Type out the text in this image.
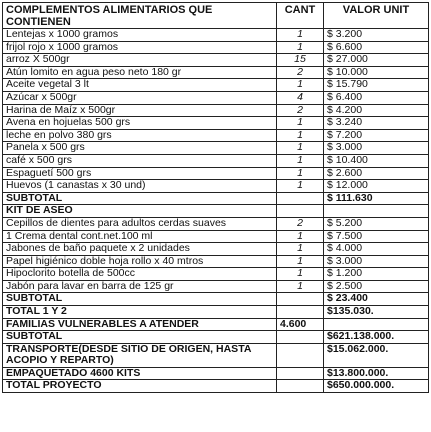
COMPLEMENTOS ALIMENTARIOS QUE CONTIENEN	CANT	VALOR UNIT
Lentejas x 1000 gramos	1	$ 3.200
frijol rojo x 1000 gramos	1	$ 6.600
arroz X 500gr	15	$ 27.000
Atún lomito en agua peso neto 180 gr	2	$ 10.000
Aceite vegetal 3 lt	1	$ 15.790
Azúcar x 500gr	4	$ 6.400
Harina de Maíz x 500gr	2	$ 4.200
Avena en hojuelas 500 grs	1	$ 3.240
leche en polvo 380 grs	1	$ 7.200
Panela x 500 grs	1	$ 3.000
café x 500 grs	1	$ 10.400
Espaguetí 500 grs	1	$ 2.600
Huevos (1 canastas x 30 und)	1	$ 12.000
SUBTOTAL		$ 111.630
KIT DE ASEO		
Cepillos de dientes para adultos cerdas suaves	2	$ 5.200
1 Crema dental cont.net.100 ml	1	$ 7.500
Jabones de baño paquete x 2 unidades	1	$ 4.000
Papel higiénico doble hoja rollo x 40 mtros	1	$ 3.000
Hipoclorito botella de 500cc	1	$ 1.200
Jabón para lavar en barra de 125 gr	1	$ 2.500
SUBTOTAL		$ 23.400
TOTAL 1 Y 2		$135.030.
FAMILIAS VULNERABLES A ATENDER	4.600	
SUBTOTAL		$621.138.000.
TRANSPORTE(DESDE SITIO DE ORIGEN, HASTA ACOPIO Y REPARTO)		$15.062.000.
EMPAQUETADO 4600 KITS		$13.800.000.
TOTAL PROYECTO		$650.000.000.
